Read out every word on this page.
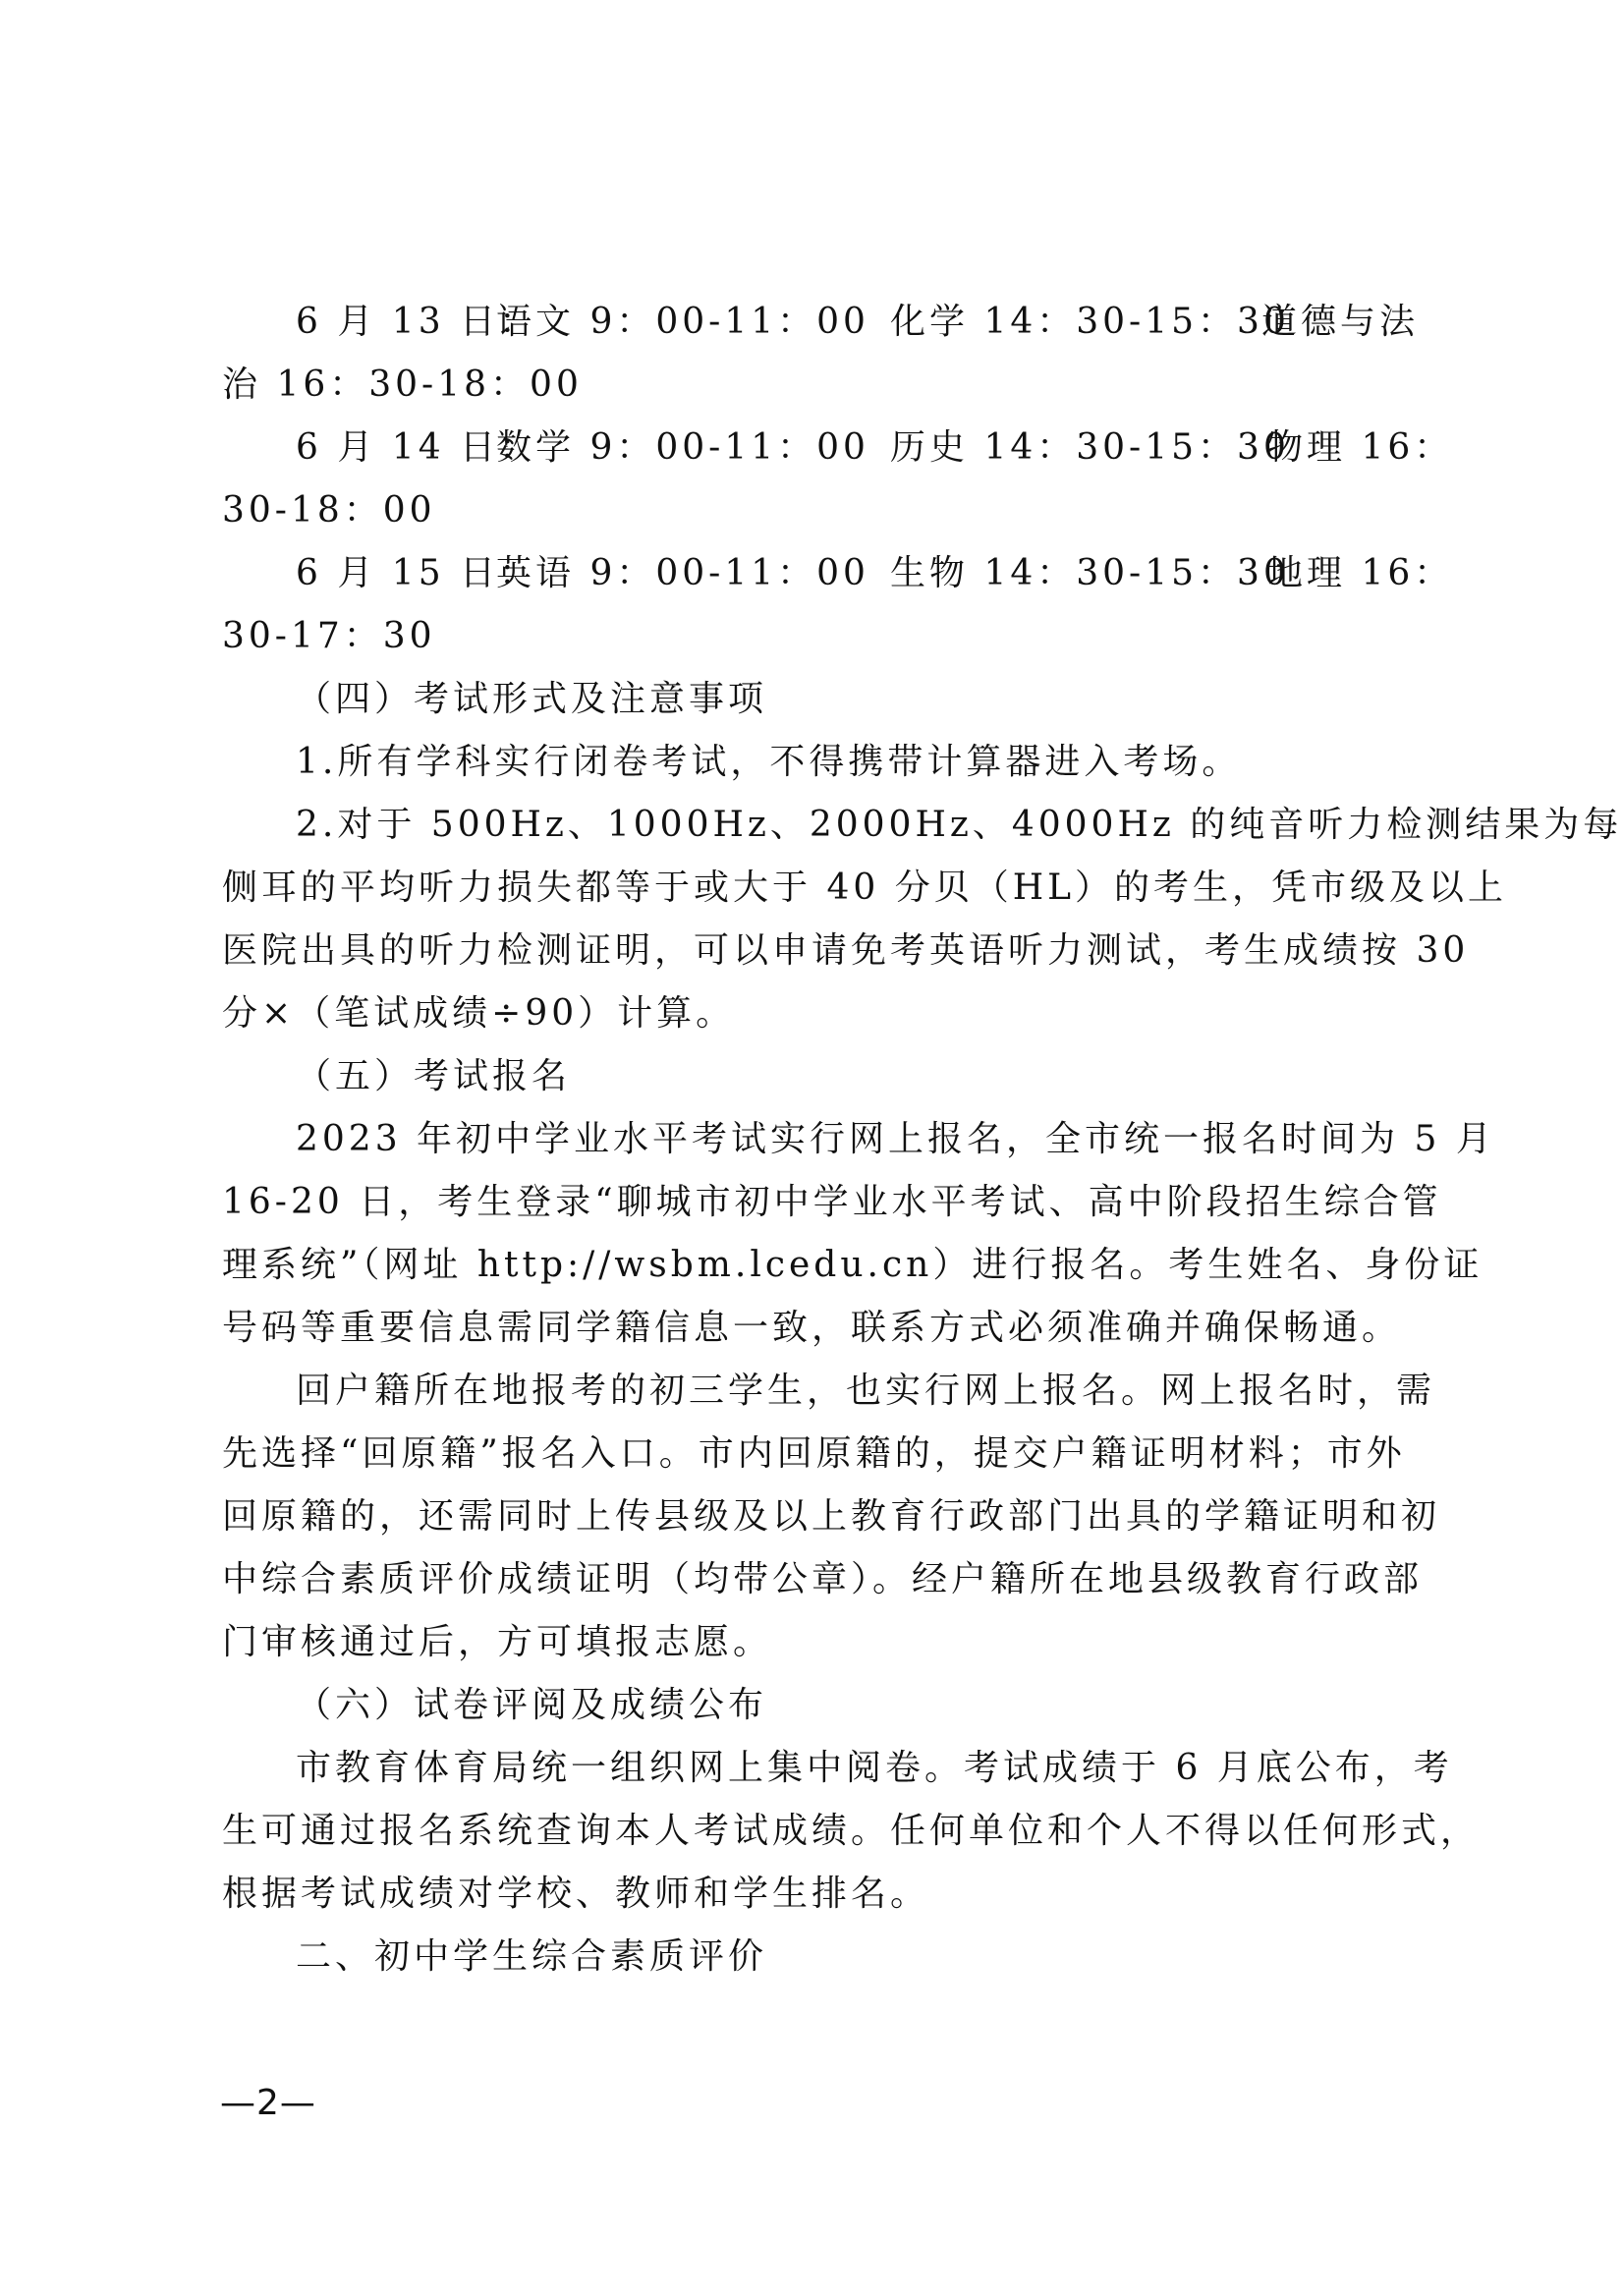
6 月 13 日：
语文 9：00-11：00 化学 14：30-15：30
道德与法
治 16：30-18：00
6 月 14 日：
数学 9：00-11：00 历史 14：30-15：30
物理 16：
30-18：00
6 月 15 日：
英语 9：00-11：00 生物 14：30-15：30
地理 16：
30-17：30
（四）考试形式及注意事项
1.所有学科实行闭卷考试，不得携带计算器进入考场。
2.对于 500Hz、1000Hz、2000Hz、4000Hz 的纯音听力检测结果为每
侧耳的平均听力损失都等于或大于 40 分贝（HL）的考生，凭市级及以上
医院出具的听力检测证明，可以申请免考英语听力测试，考生成绩按 30
分×（笔试成绩÷90）计算。
（五）考试报名
2023 年初中学业水平考试实行网上报名，全市统一报名时间为 5 月
16-20 日，考生登录“聊城市初中学业水平考试、高中阶段招生综合管
理系统”（网址 http://wsbm.lcedu.cn）进行报名。考生姓名、身份证
号码等重要信息需同学籍信息一致，联系方式必须准确并确保畅通。
回户籍所在地报考的初三学生，也实行网上报名。网上报名时，需
先选择“回原籍”报名入口。市内回原籍的，提交户籍证明材料；市外
回原籍的，还需同时上传县级及以上教育行政部门出具的学籍证明和初
中综合素质评价成绩证明（均带公章）。经户籍所在地县级教育行政部
门审核通过后，方可填报志愿。
（六）试卷评阅及成绩公布
市教育体育局统一组织网上集中阅卷。考试成绩于 6 月底公布，考
生可通过报名系统查询本人考试成绩。任何单位和个人不得以任何形式，
根据考试成绩对学校、教师和学生排名。
二、初中学生综合素质评价
—2—
